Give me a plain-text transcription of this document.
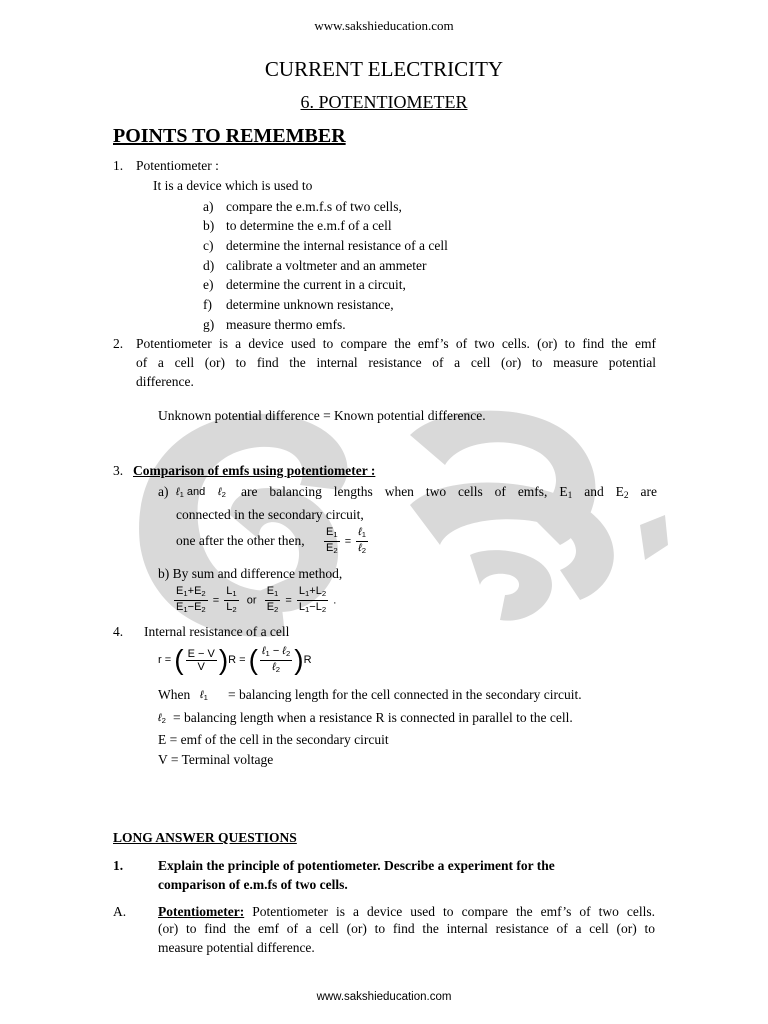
www.sakshieducation.com
CURRENT ELECTRICITY
6. POTENTIOMETER
POINTS TO REMEMBER
1. Potentiometer :
It is a device which is used to
a) compare the e.m.f.s of two cells,
b) to determine the e.m.f of a cell
c) determine the internal resistance of a cell
d) calibrate a voltmeter and an ammeter
e) determine the current in a circuit,
f) determine unknown resistance,
g) measure thermo emfs.
2. Potentiometer is a device used to compare the emf’s of two cells. (or) to find the emf
of a cell (or) to find the internal resistance of a cell (or) to measure potential
difference.
Unknown potential difference = Known potential difference.
3. Comparison of emfs using potentiometer :
a) ℓ$_1$ and ℓ$_2$ are balancing lengths when two cells of emfs, $E_1$ and $E_2$ are
connected in the secondary circuit,
one after the other then, $\frac{E_1}{E_2} = \frac{\ell_1}{\ell_2}$
b) By sum and difference method,
$\frac{E_1+E_2}{E_1-E_2} = \frac{L_1}{L_2}$ or $\frac{E_1}{E_2} = \frac{L_1+L_2}{L_1-L_2}$ .
4. Internal resistance of a cell
r = ( $\frac{E - V}{V} )R$ = ( $\frac{\ell_1 - \ell_2}{\ell_2} )R$
When ℓ$_1$ = balancing length for the cell connected in the secondary circuit.
ℓ$_2$ = balancing length when a resistance R is connected in parallel to the cell.
E = emf of the cell in the secondary circuit
V = Terminal voltage
LONG ANSWER QUESTIONS
1.	Explain the principle of potentiometer. Describe a experiment for the
comparison of e.m.fs of two cells.
A. Potentiometer: Potentiometer is a device used to compare the emf’s of two cells.
(or) to find the emf of a cell (or) to find the internal resistance of a cell (or) to
measure potential difference.
www.sakshieducation.com
